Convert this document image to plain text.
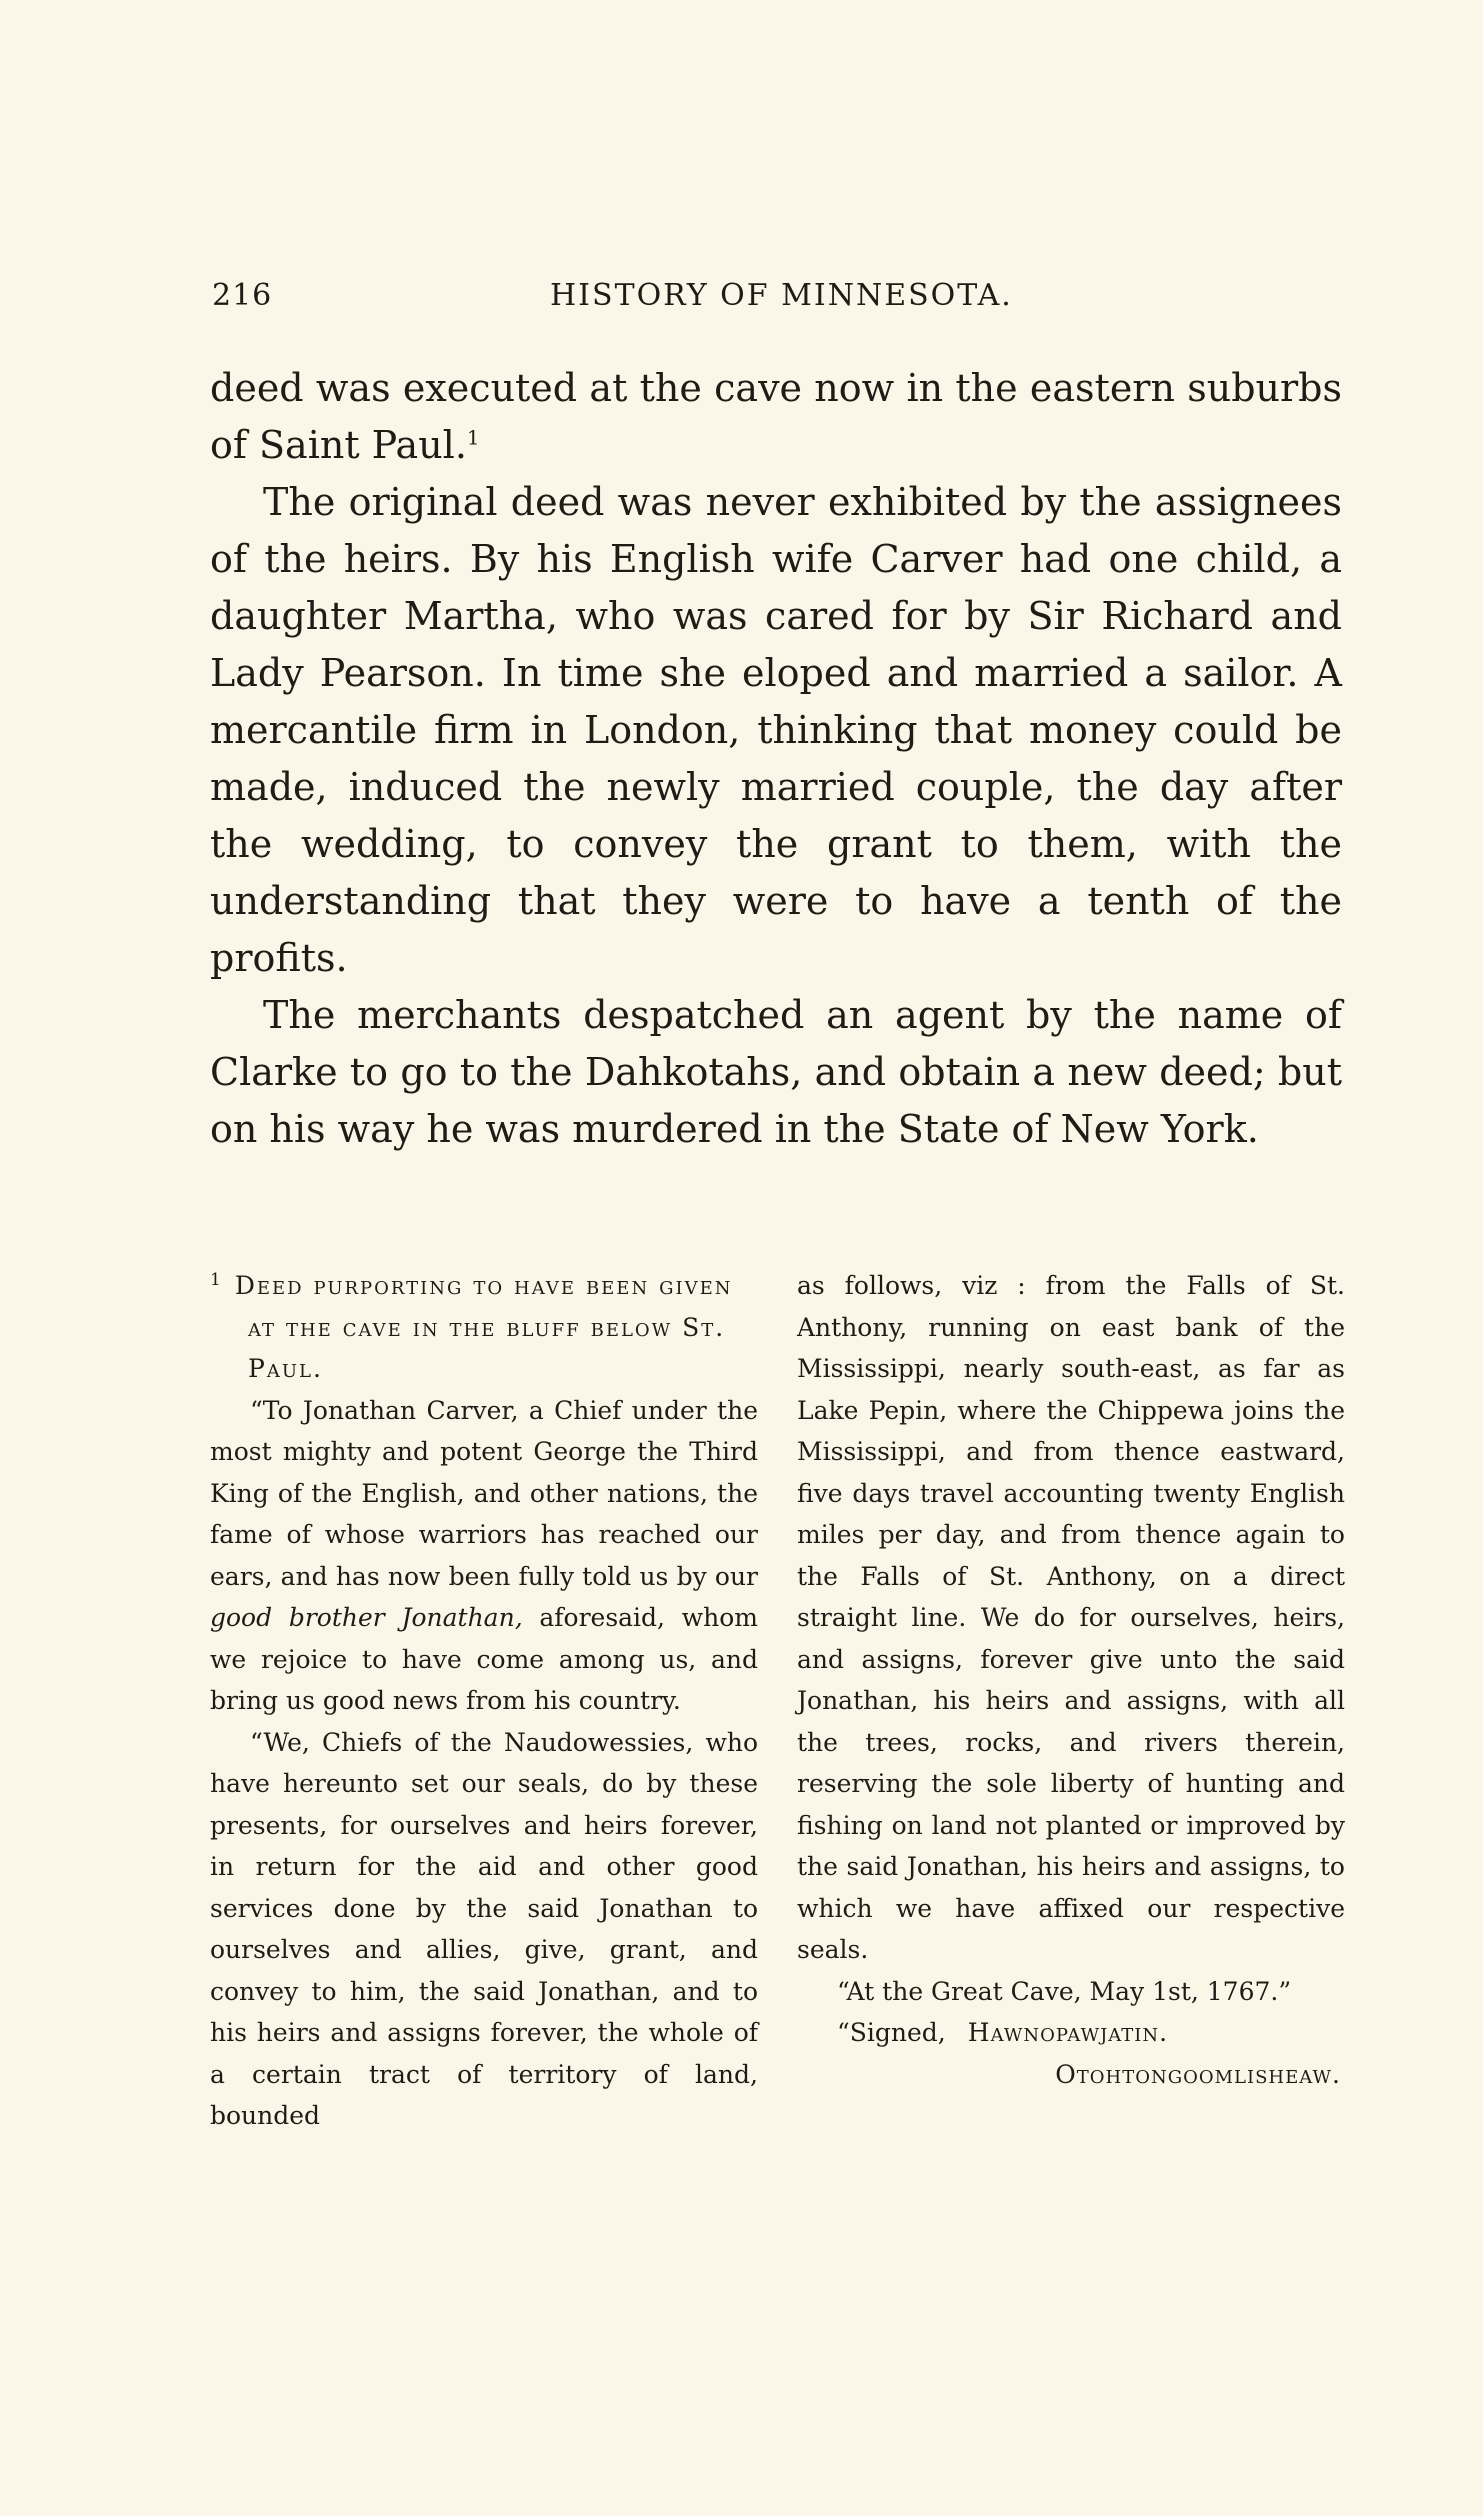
216	HISTORY OF MINNESOTA.

deed was executed at the cave now in the eastern suburbs of Saint Paul.$^1$

The original deed was never exhibited by the assignees of the heirs. By his English wife Carver had one child, a daughter Martha, who was cared for by Sir Richard and Lady Pearson. In time she eloped and married a sailor. A mercantile firm in London, thinking that money could be made, induced the newly married couple, the day after the wedding, to convey the grant to them, with the understanding that they were to have a tenth of the profits.

The merchants despatched an agent by the name of Clarke to go to the Dahkotahs, and obtain a new deed; but on his way he was murdered in the State of New York.

$^1$ Deed purporting to have been given at the cave in the bluff below St. Paul.

“To Jonathan Carver, a Chief under the most mighty and potent George the Third King of the English, and other nations, the fame of whose warriors has reached our ears, and has now been fully told us by our good brother Jonathan, aforesaid, whom we rejoice to have come among us, and bring us good news from his country.

“We, Chiefs of the Naudowessies, who have hereunto set our seals, do by these presents, for ourselves and heirs forever, in return for the aid and other good services done by the said Jonathan to ourselves and allies, give, grant, and convey to him, the said Jonathan, and to his heirs and assigns forever, the whole of a certain tract of territory of land, bounded

as follows, viz : from the Falls of St. Anthony, running on east bank of the Mississippi, nearly south-east, as far as Lake Pepin, where the Chippewa joins the Mississippi, and from thence eastward, five days travel accounting twenty English miles per day, and from thence again to the Falls of St. Anthony, on a direct straight line. We do for ourselves, heirs, and assigns, forever give unto the said Jonathan, his heirs and assigns, with all the trees, rocks, and rivers therein, reserving the sole liberty of hunting and fishing on land not planted or improved by the said Jonathan, his heirs and assigns, to which we have affixed our respective seals.

“At the Great Cave, May 1st, 1767.”

“Signed, Hawnopawjatin.
Otohtongoomlisheaw.
